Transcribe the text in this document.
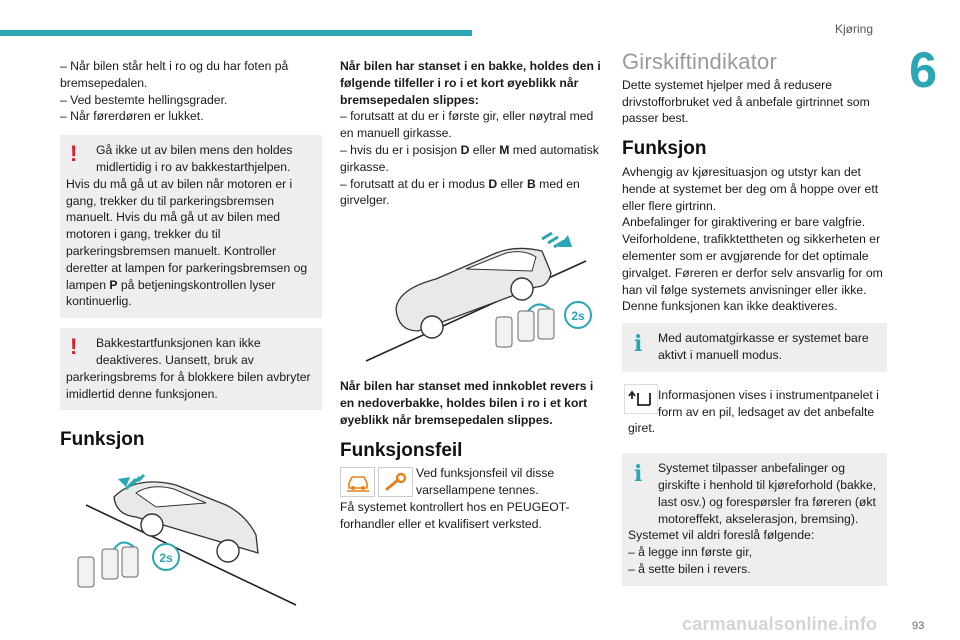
Kjøring
6
– Når bilen står helt i ro og du har foten på bremsepedalen.
– Ved bestemte hellingsgrader.
– Når førerdøren er lukket.
!	Gå ikke ut av bilen mens den holdes midlertidig i ro av bakkestarthjelpen.
Hvis du må gå ut av bilen når motoren er i gang, trekker du til parkeringsbremsen manuelt. Hvis du må gå ut av bilen med motoren i gang, trekker du til parkeringsbremsen manuelt. Kontroller deretter at lampen for parkeringsbremsen og lampen P på betjeningskontrollen lyser kontinuerlig.
!	Bakkestartfunksjonen kan ikke deaktiveres. Uansett, bruk av
parkeringsbrems for å blokkere bilen avbryter imidlertid denne funksjonen.
Funksjon
2s
Når bilen har stanset i en bakke, holdes den i følgende tilfeller i ro i et kort øyeblikk når bremsepedalen slippes:
– forutsatt at du er i første gir, eller nøytral med en manuell girkasse.
– hvis du er i posisjon D eller M med automatisk girkasse.
– forutsatt at du er i modus D eller B med en girvelger.
2s
Når bilen har stanset med innkoblet revers i en nedoverbakke, holdes bilen i ro i et kort øyeblikk når bremsepedalen slippes.
Funksjonsfeil
Ved funksjonsfeil vil disse varsellampene tennes.
Få systemet kontrollert hos en PEUGEOT-forhandler eller et kvalifisert verksted.
Girskiftindikator
Dette systemet hjelper med å redusere drivstofforbruket ved å anbefale girtrinnet som passer best.
Funksjon
Avhengig av kjøresituasjon og utstyr kan det hende at systemet ber deg om å hoppe over ett eller flere girtrinn.
Anbefalinger for giraktivering er bare valgfrie.
Veiforholdene, trafikktettheten og sikkerheten er elementer som er avgjørende for det optimale girvalget. Føreren er derfor selv ansvarlig for om han vil følge systemets anvisninger eller ikke.
Denne funksjonen kan ikke deaktiveres.
i	Med automatgirkasse er systemet bare aktivt i manuell modus.
Informasjonen vises i instrumentpanelet i form av en pil, ledsaget av det anbefalte
giret.
i	Systemet tilpasser anbefalinger og girskifte i henhold til kjøreforhold (bakke, last osv.) og forespørsler fra føreren (økt motoreffekt, akselerasjon, bremsing).
Systemet vil aldri foreslå følgende:
– å legge inn første gir,
– å sette bilen i revers.
carmanualsonline.info	93
